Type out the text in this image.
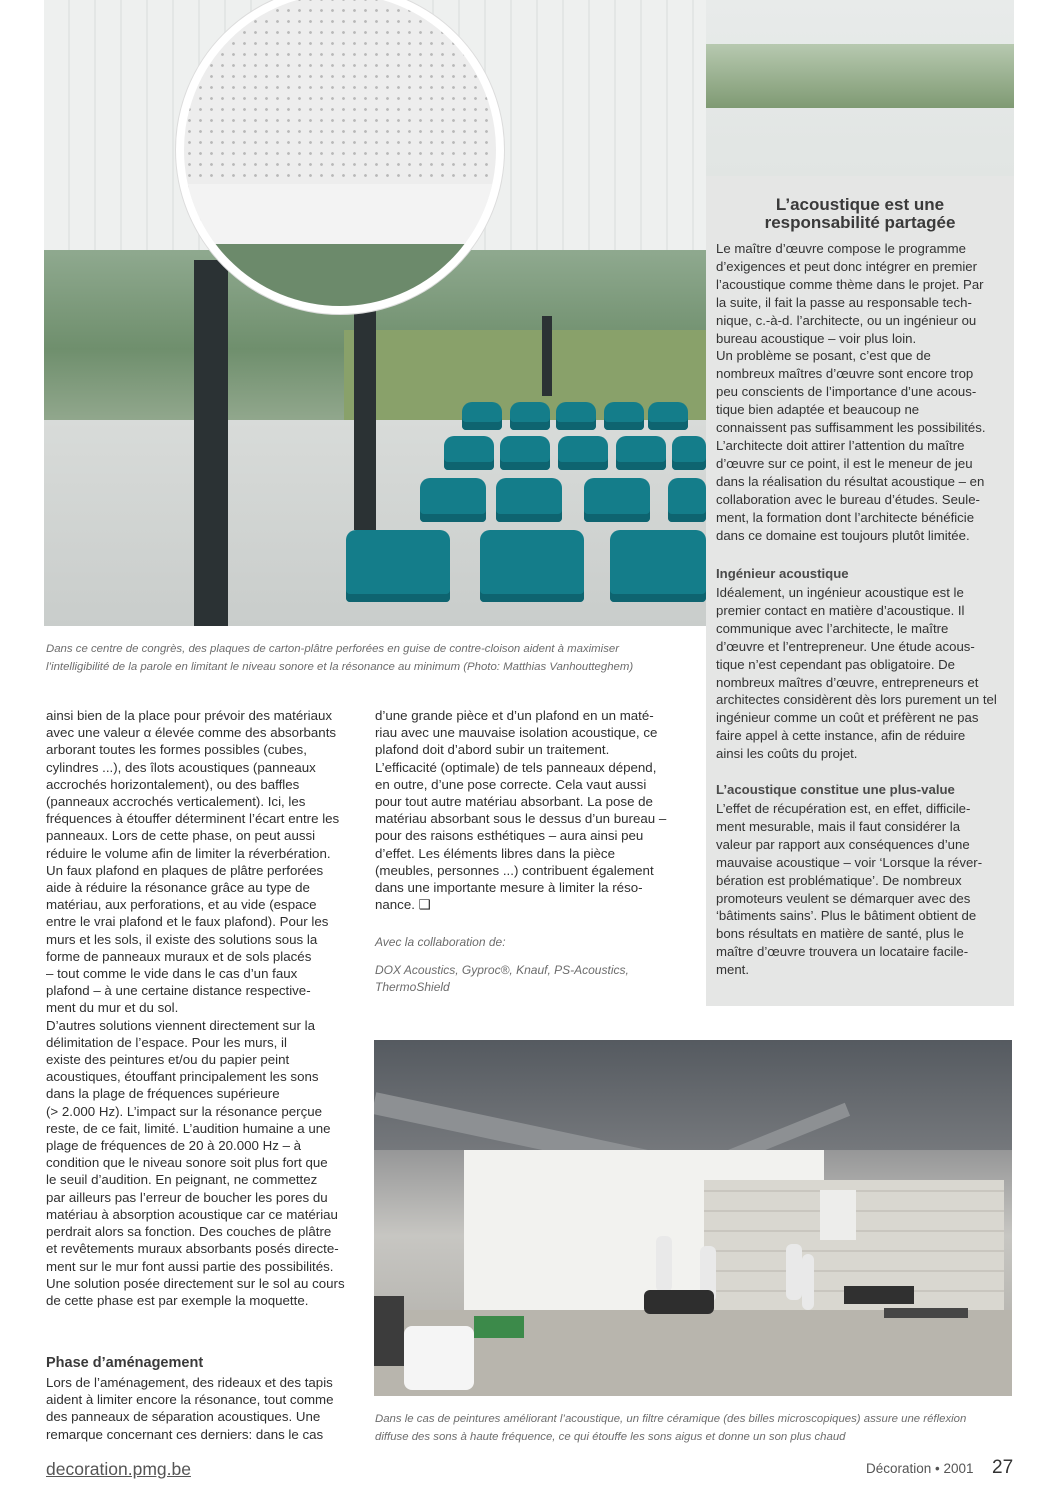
L’acoustique est une
responsabilité partagée
Le maître d’œuvre compose le programme
d’exigences et peut donc intégrer en premier
l’acoustique comme thème dans le projet. Par
la suite, il fait la passe au responsable tech-
nique, c.-à-d. l’architecte, ou un ingénieur ou
bureau acoustique – voir plus loin.
Un problème se posant, c’est que de
nombreux maîtres d’œuvre sont encore trop
peu conscients de l’importance d’une acous-
tique bien adaptée et beaucoup ne
connaissent pas suffisamment les possibilités.
L’architecte doit attirer l’attention du maître
d’œuvre sur ce point, il est le meneur de jeu
dans la réalisation du résultat acoustique – en
collaboration avec le bureau d’études. Seule-
ment, la formation dont l’architecte bénéficie
dans ce domaine est toujours plutôt limitée.
Ingénieur acoustique
Idéalement, un ingénieur acoustique est le
premier contact en matière d’acoustique. Il
communique avec l’architecte, le maître
d’œuvre et l’entrepreneur. Une étude acous-
tique n’est cependant pas obligatoire. De
nombreux maîtres d’œuvre, entrepreneurs et
architectes considèrent dès lors purement un tel
ingénieur comme un coût et préfèrent ne pas
faire appel à cette instance, afin de réduire
ainsi les coûts du projet.
L’acoustique constitue une plus-value
L’effet de récupération est, en effet, difficile-
ment mesurable, mais il faut considérer la
valeur par rapport aux conséquences d’une
mauvaise acoustique – voir ‘Lorsque la réver-
bération est problématique’. De nombreux
promoteurs veulent se démarquer avec des
‘bâtiments sains’. Plus le bâtiment obtient de
bons résultats en matière de santé, plus le
maître d’œuvre trouvera un locataire facile-
ment.
Dans ce centre de congrès, des plaques de carton-plâtre perforées en guise de contre-cloison aident à maximiser
l’intelligibilité de la parole en limitant le niveau sonore et la résonance au minimum (Photo: Matthias Vanhoutteghem)
ainsi bien de la place pour prévoir des matériaux
avec une valeur α élevée comme des absorbants
arborant toutes les formes possibles (cubes,
cylindres ...), des îlots acoustiques (panneaux
accrochés horizontalement), ou des baffles
(panneaux accrochés verticalement). Ici, les
fréquences à étouffer déterminent l’écart entre les
panneaux. Lors de cette phase, on peut aussi
réduire le volume afin de limiter la réverbération.
Un faux plafond en plaques de plâtre perforées
aide à réduire la résonance grâce au type de
matériau, aux perforations, et au vide (espace
entre le vrai plafond et le faux plafond). Pour les
murs et les sols, il existe des solutions sous la
forme de panneaux muraux et de sols placés
– tout comme le vide dans le cas d’un faux
plafond – à une certaine distance respective-
ment du mur et du sol.
D’autres solutions viennent directement sur la
délimitation de l’espace. Pour les murs, il
existe des peintures et/ou du papier peint
acoustiques, étouffant principalement les sons
dans la plage de fréquences supérieure
(> 2.000 Hz). L’impact sur la résonance perçue
reste, de ce fait, limité. L’audition humaine a une
plage de fréquences de 20 à 20.000 Hz – à
condition que le niveau sonore soit plus fort que
le seuil d’audition. En peignant, ne commettez
par ailleurs pas l’erreur de boucher les pores du
matériau à absorption acoustique car ce matériau
perdrait alors sa fonction. Des couches de plâtre
et revêtements muraux absorbants posés directe-
ment sur le mur font aussi partie des possibilités.
Une solution posée directement sur le sol au cours
de cette phase est par exemple la moquette.
Phase d’aménagement
Lors de l’aménagement, des rideaux et des tapis
aident à limiter encore la résonance, tout comme
des panneaux de séparation acoustiques. Une
remarque concernant ces derniers: dans le cas
d’une grande pièce et d’un plafond en un maté-
riau avec une mauvaise isolation acoustique, ce
plafond doit d’abord subir un traitement.
L’efficacité (optimale) de tels panneaux dépend,
en outre, d’une pose correcte. Cela vaut aussi
pour tout autre matériau absorbant. La pose de
matériau absorbant sous le dessus d’un bureau –
pour des raisons esthétiques – aura ainsi peu
d’effet. Les éléments libres dans la pièce
(meubles, personnes ...) contribuent également
dans une importante mesure à limiter la réso-
nance. ❑
Avec la collaboration de:
DOX Acoustics, Gyproc®, Knauf, PS-Acoustics,
ThermoShield
Dans le cas de peintures améliorant l’acoustique, un filtre céramique (des billes microscopiques) assure une réflexion
diffuse des sons à haute fréquence, ce qui étouffe les sons aigus et donne un son plus chaud
decoration.pmg.be	Décoration • 2001 27
